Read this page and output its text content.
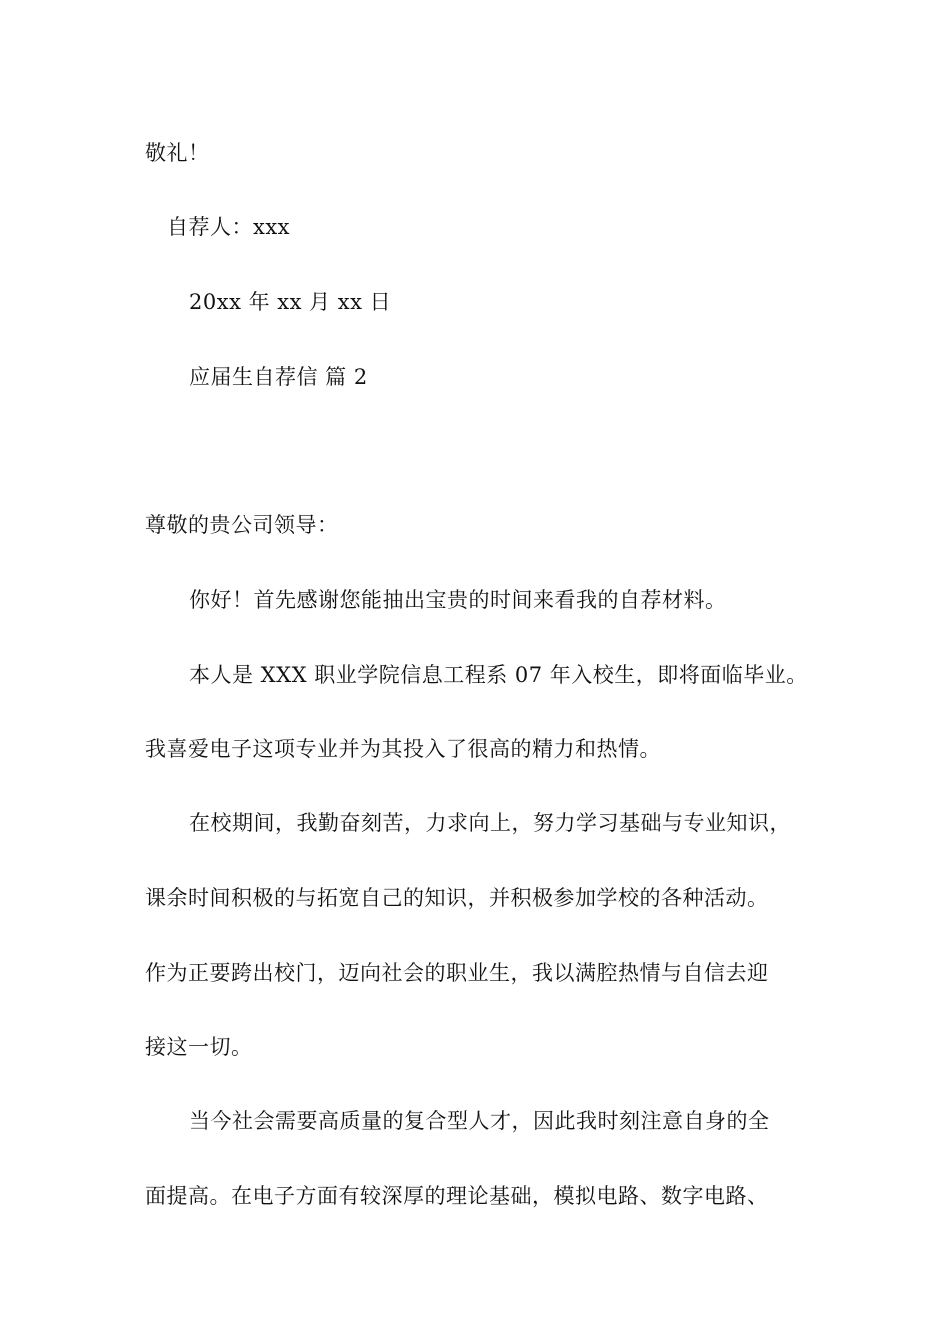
敬礼！
自荐人：xxx
20xx 年 xx 月 xx 日
应届生自荐信 篇 2
尊敬的贵公司领导：
你好！首先感谢您能抽出宝贵的时间来看我的自荐材料。
本人是 XXX 职业学院信息工程系 07 年入校生，即将面临毕业。
我喜爱电子这项专业并为其投入了很高的精力和热情。
在校期间，我勤奋刻苦，力求向上，努力学习基础与专业知识，
课余时间积极的与拓宽自己的知识，并积极参加学校的各种活动。
作为正要跨出校门，迈向社会的职业生，我以满腔热情与自信去迎
接这一切。
当今社会需要高质量的复合型人才，因此我时刻注意自身的全
面提高。在电子方面有较深厚的理论基础，模拟电路、数字电路、
